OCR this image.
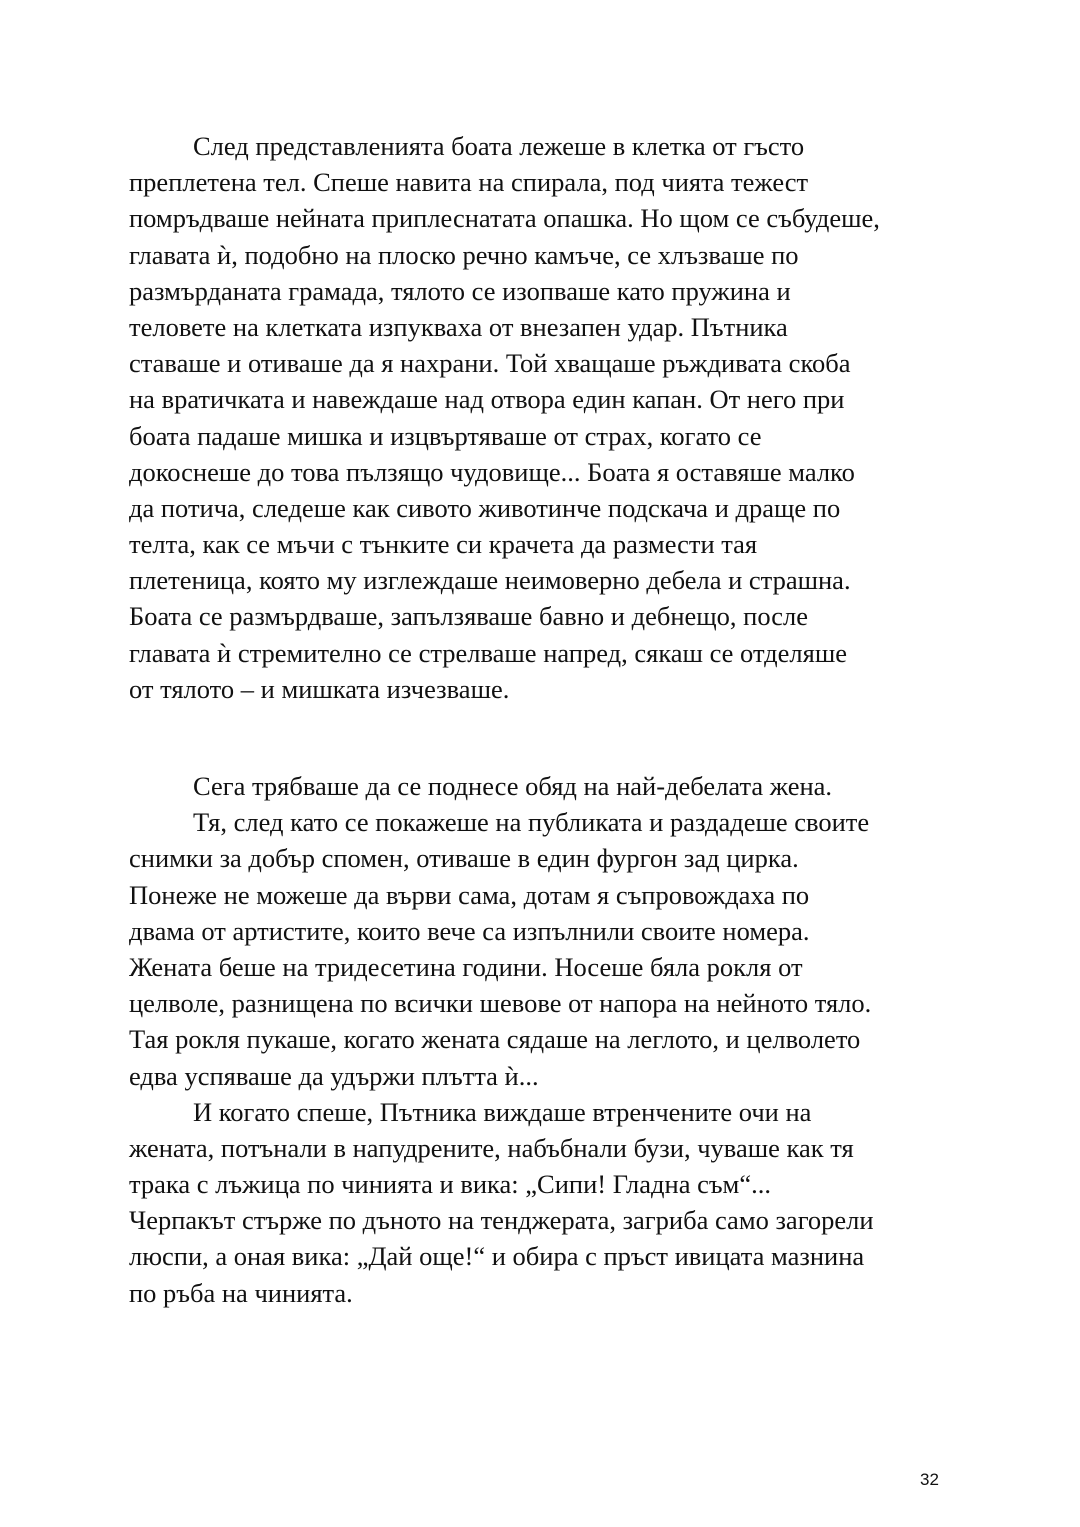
След представленията боата лежеше в клетка от гъсто
преплетена тел. Спеше навита на спирала, под чиятa тежест
помръдваше нейната приплеснатата опашка. Но щом се събудеше,
главата ѝ, подобно на плоско речно камъче, се хлъзваше по
размърданата грамада, тялото се изопваше като пружина и
теловете на клетката изпукваха от внезапен удар. Пътника
ставаше и отиваше да я нахрани. Той хващаше ръждивата скоба
на вратичката и навеждаше над отвора един капан. От него при
боата падаше мишка и изцвъртяваше от страх, когато се
докоснеше до това пълзящо чудовище... Боата я оставяше малко
да потича, следеше как сивото животинче подскача и драще по
телта, как се мъчи с тънките си крачета да размести тая
плетеница, която му изглеждаше неимоверно дебела и страшна.
Боата се размърдваше, запълзяваше бавно и дебнещо, после
главата ѝ стремително се стрелваше напред, сякаш се отделяше
от тялото – и мишката изчезваше.
Сега трябваше да се поднесе обяд на най-дебелата жена.
Тя, след като се покажеше на публиката и раздадеше своите
снимки за добър спомен, отиваше в един фургон зад цирка.
Понеже не можеше да върви сама, дотам я съпровождаха по
двама от артистите, които вече са изпълнили своите номера.
Жената беше на тридесетина години. Носеше бяла рокля от
целволе, разнищена по всички шевове от напора на нейното тяло.
Тая рокля пукаше, когато жената сядаше на леглото, и целволето
едва успяваше да удържи плътта ѝ...
И когато спеше, Пътника виждаше втренчените очи на
жената, потънали в напудрените, набъбнали бузи, чуваше как тя
трака с лъжица по чинията и вика: „Сипи! Гладна съм“...
Черпакът стърже по дъното на тенджерата, загриба само загорели
люспи, а оная вика: „Дай още!“ и обира с пръст ивицата мазнина
по ръба на чинията.
32
